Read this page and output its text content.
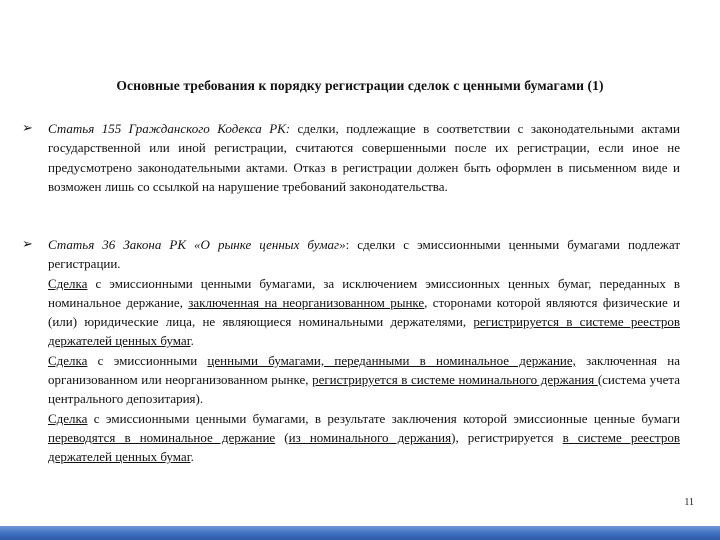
Основные требования к порядку регистрации сделок с ценными бумагами (1)
➢ Статья 155 Гражданского Кодекса РК: сделки, подлежащие в соответствии с законодательными актами государственной или иной регистрации, считаются совершенными после их регистрации, если иное не предусмотрено законодательными актами. Отказ в регистрации должен быть оформлен в письменном виде и возможен лишь со ссылкой на нарушение требований законодательства.

➢ Статья 36 Закона РК «О рынке ценных бумаг»: сделки с эмиссионными ценными бумагами подлежат регистрации.

Сделка с эмиссионными ценными бумагами, за исключением эмиссионных ценных бумаг, переданных в номинальное держание, заключенная на неорганизованном рынке, сторонами которой являются физические и (или) юридические лица, не являющиеся номинальными держателями, регистрируется в системе реестров держателей ценных бумаг.

Сделка с эмиссионными ценными бумагами, переданными в номинальное держание, заключенная на организованном или неорганизованном рынке, регистрируется в системе номинального держания (система учета центрального депозитария).

Сделка с эмиссионными ценными бумагами, в результате заключения которой эмиссионные ценные бумаги переводятся в номинальное держание (из номинального держания), регистрируется в системе реестров держателей ценных бумаг.

11
